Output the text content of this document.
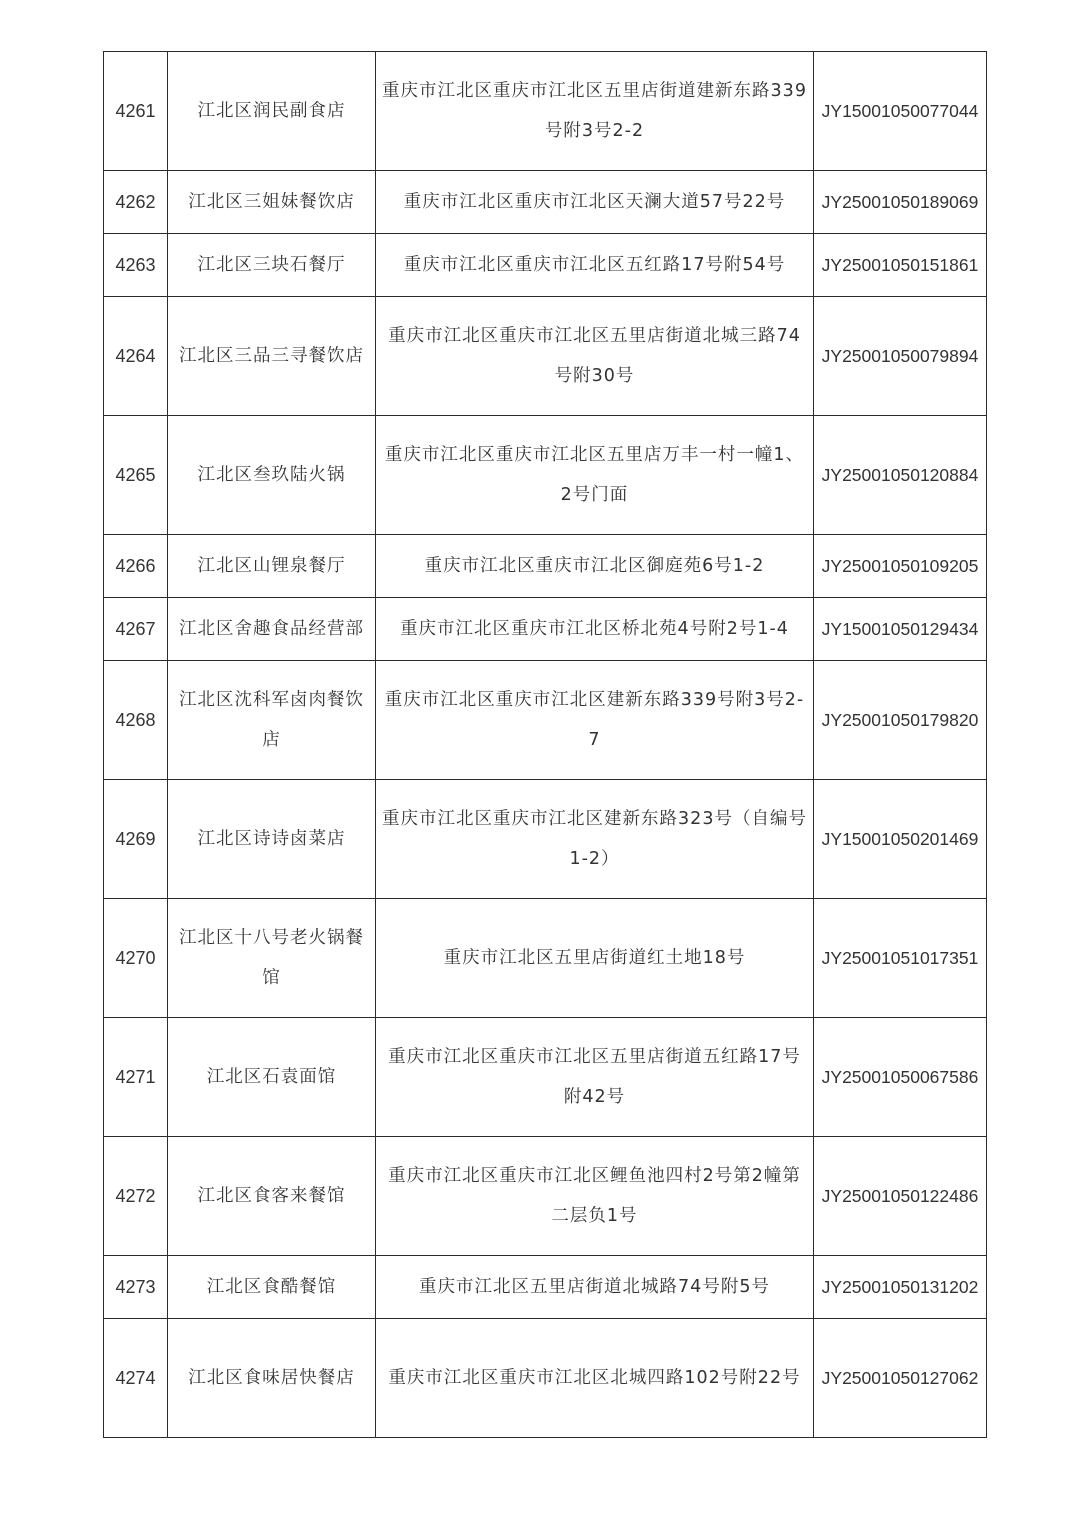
4261	江北区润民副食店	重庆市江北区重庆市江北区五里店街道建新东路339号附3号2-2	JY15001050077044
4262	江北区三姐妹餐饮店	重庆市江北区重庆市江北区天澜大道57号22号	JY25001050189069
4263	江北区三块石餐厅	重庆市江北区重庆市江北区五红路17号附54号	JY25001050151861
4264	江北区三品三寻餐饮店	重庆市江北区重庆市江北区五里店街道北城三路74号附30号	JY25001050079894
4265	江北区叁玖陆火锅	重庆市江北区重庆市江北区五里店万丰一村一幢1、2号门面	JY25001050120884
4266	江北区山锂泉餐厅	重庆市江北区重庆市江北区御庭苑6号1-2	JY25001050109205
4267	江北区舍趣食品经营部	重庆市江北区重庆市江北区桥北苑4号附2号1-4	JY15001050129434
4268	江北区沈科军卤肉餐饮店	重庆市江北区重庆市江北区建新东路339号附3号2-7	JY25001050179820
4269	江北区诗诗卤菜店	重庆市江北区重庆市江北区建新东路323号（自编号1-2）	JY15001050201469
4270	江北区十八号老火锅餐馆	重庆市江北区五里店街道红土地18号	JY25001051017351
4271	江北区石袁面馆	重庆市江北区重庆市江北区五里店街道五红路17号附42号	JY25001050067586
4272	江北区食客来餐馆	重庆市江北区重庆市江北区鲤鱼池四村2号第2幢第二层负1号	JY25001050122486
4273	江北区食酷餐馆	重庆市江北区五里店街道北城路74号附5号	JY25001050131202
4274	江北区食味居快餐店	重庆市江北区重庆市江北区北城四路102号附22号	JY25001050127062
